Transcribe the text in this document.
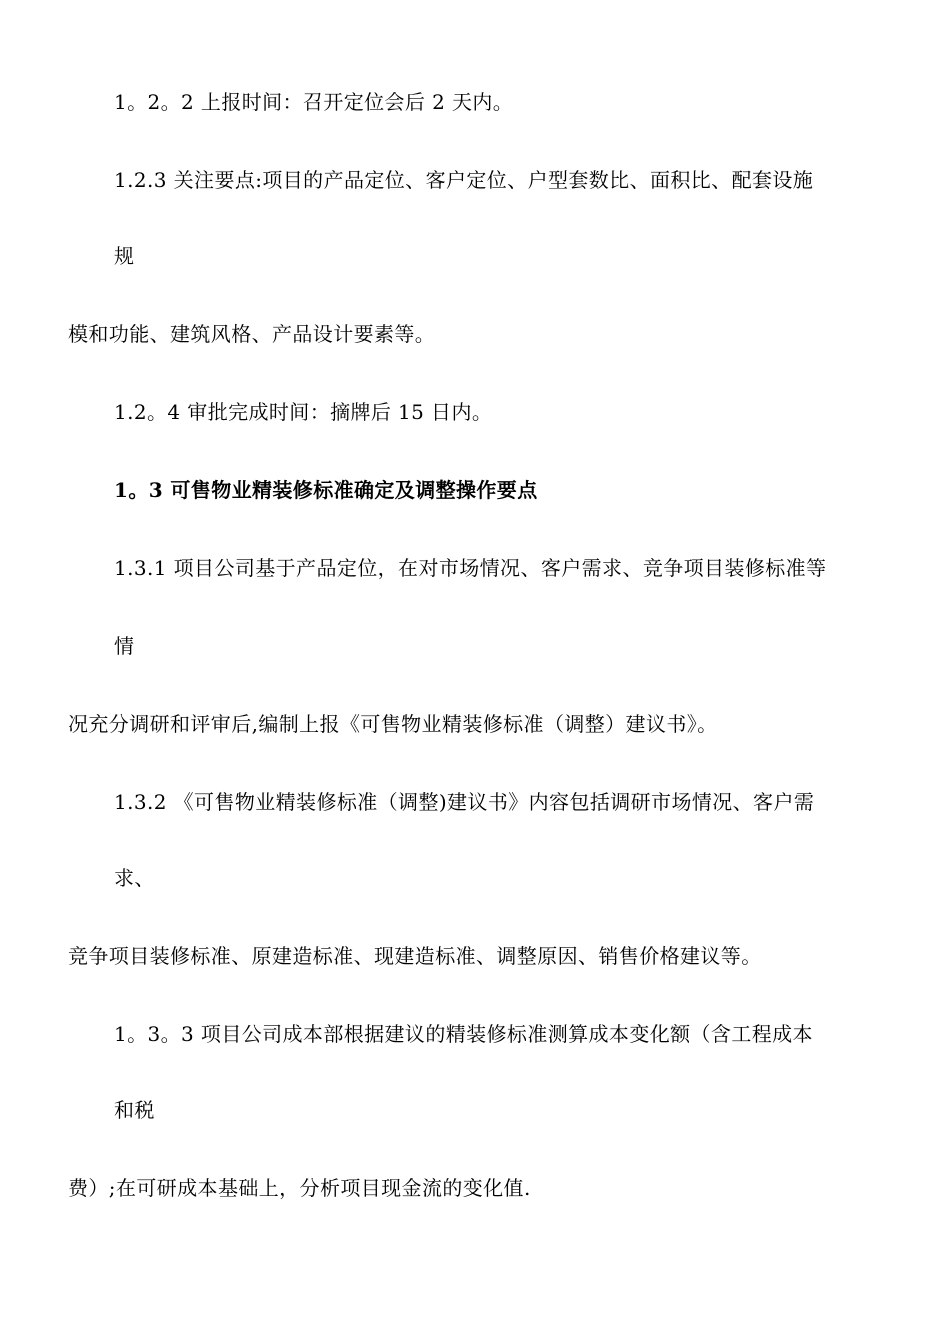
1。2。2 上报时间：召开定位会后 2 天内。
1.2.3 关注要点:项目的产品定位、客户定位、户型套数比、面积比、配套设施
规
模和功能、建筑风格、产品设计要素等。
1.2。4 审批完成时间：摘牌后 15 日内。
1。3 可售物业精装修标准确定及调整操作要点
1.3.1 项目公司基于产品定位，在对市场情况、客户需求、竞争项目装修标准等
情
况充分调研和评审后,编制上报《可售物业精装修标准（调整）建议书》。
1.3.2 《可售物业精装修标准（调整)建议书》内容包括调研市场情况、客户需
求、
竞争项目装修标准、原建造标准、现建造标准、调整原因、销售价格建议等。
1。3。3 项目公司成本部根据建议的精装修标准测算成本变化额（含工程成本
和税
费）;在可研成本基础上，分析项目现金流的变化值.
